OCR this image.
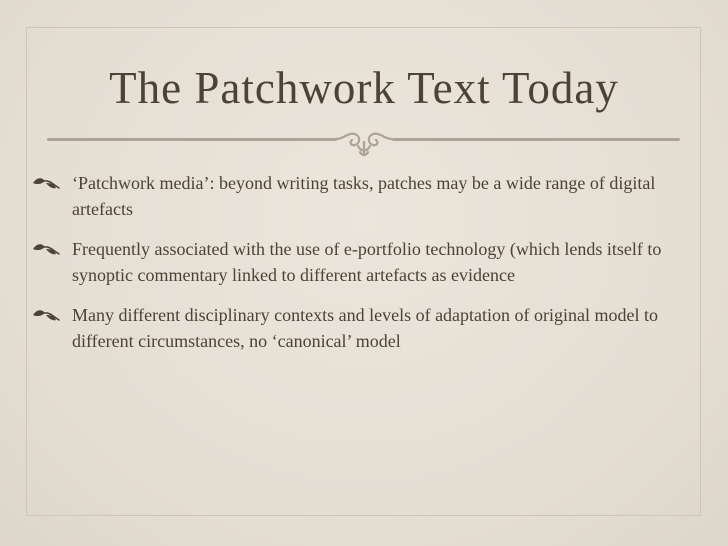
The Patchwork Text Today
‘Patchwork media’: beyond writing tasks, patches may be a wide range of digital artefacts
Frequently associated with the use of e-portfolio technology (which lends itself to synoptic commentary linked to different artefacts as evidence
Many different disciplinary contexts and levels of adaptation of original model to different circumstances, no ‘canonical’ model
